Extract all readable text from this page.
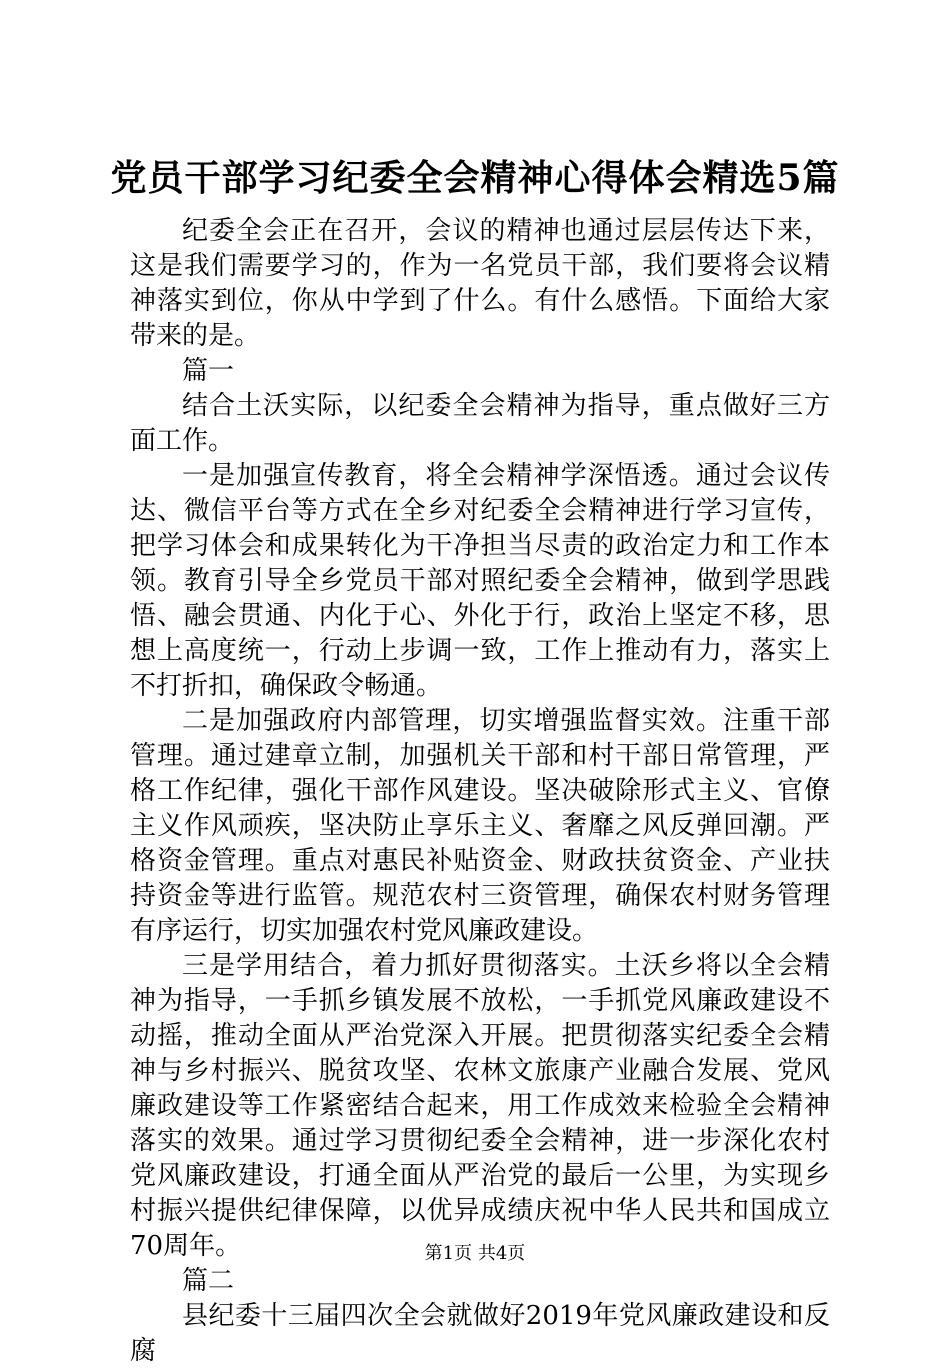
党员干部学习纪委全会精神心得体会精选5篇

纪委全会正在召开，会议的精神也通过层层传达下来，这是我们需要学习的，作为一名党员干部，我们要将会议精神落实到位，你从中学到了什么。有什么感悟。下面给大家带来的是。

篇一

结合土沃实际，以纪委全会精神为指导，重点做好三方面工作。

一是加强宣传教育，将全会精神学深悟透。通过会议传达、微信平台等方式在全乡对纪委全会精神进行学习宣传，把学习体会和成果转化为干净担当尽责的政治定力和工作本领。教育引导全乡党员干部对照纪委全会精神，做到学思践悟、融会贯通、内化于心、外化于行，政治上坚定不移，思想上高度统一，行动上步调一致，工作上推动有力，落实上不打折扣，确保政令畅通。

二是加强政府内部管理，切实增强监督实效。注重干部管理。通过建章立制，加强机关干部和村干部日常管理，严格工作纪律，强化干部作风建设。坚决破除形式主义、官僚主义作风顽疾，坚决防止享乐主义、奢靡之风反弹回潮。严格资金管理。重点对惠民补贴资金、财政扶贫资金、产业扶持资金等进行监管。规范农村三资管理，确保农村财务管理有序运行，切实加强农村党风廉政建设。

三是学用结合，着力抓好贯彻落实。土沃乡将以全会精神为指导，一手抓乡镇发展不放松，一手抓党风廉政建设不动摇，推动全面从严治党深入开展。把贯彻落实纪委全会精神与乡村振兴、脱贫攻坚、农林文旅康产业融合发展、党风廉政建设等工作紧密结合起来，用工作成效来检验全会精神落实的效果。通过学习贯彻纪委全会精神，进一步深化农村党风廉政建设，打通全面从严治党的最后一公里，为实现乡村振兴提供纪律保障，以优异成绩庆祝中华人民共和国成立70周年。

篇二

县纪委十三届四次全会就做好2019年党风廉政建设和反腐

第1页 共4页
